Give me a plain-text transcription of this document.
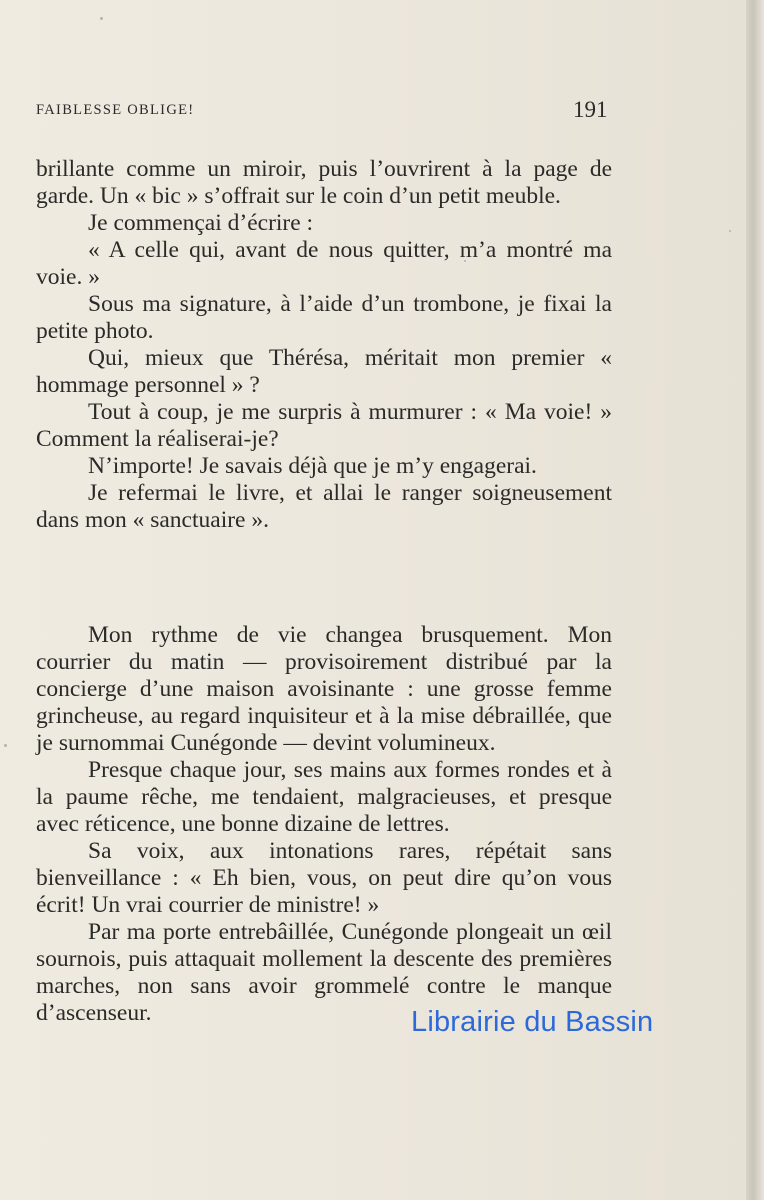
FAIBLESSE OBLIGE!	191

brillante comme un miroir, puis l’ouvrirent à la page de garde. Un « bic » s’offrait sur le coin d’un petit meuble.

Je commençai d’écrire :

« A celle qui, avant de nous quitter, m’a montré ma voie. »

Sous ma signature, à l’aide d’un trombone, je fixai la petite photo.

Qui, mieux que Thérésa, méritait mon premier « hommage personnel » ?

Tout à coup, je me surpris à murmurer : « Ma voie! » Comment la réaliserai-je?

N’importe! Je savais déjà que je m’y engagerai.

Je refermai le livre, et allai le ranger soigneusement dans mon « sanctuaire ».

Mon rythme de vie changea brusquement. Mon courrier du matin — provisoirement distribué par la concierge d’une maison avoisinante : une grosse femme grincheuse, au regard inquisiteur et à la mise débraillée, que je surnommai Cunégonde — devint volumineux.

Presque chaque jour, ses mains aux formes rondes et à la paume rêche, me tendaient, malgracieuses, et presque avec réticence, une bonne dizaine de lettres.

Sa voix, aux intonations rares, répétait sans bienveillance : « Eh bien, vous, on peut dire qu’on vous écrit! Un vrai courrier de ministre! »

Par ma porte entrebâillée, Cunégonde plongeait un œil sournois, puis attaquait mollement la descente des premières marches, non sans avoir grommelé contre le manque d’ascenseur.	Librairie du Bassin
